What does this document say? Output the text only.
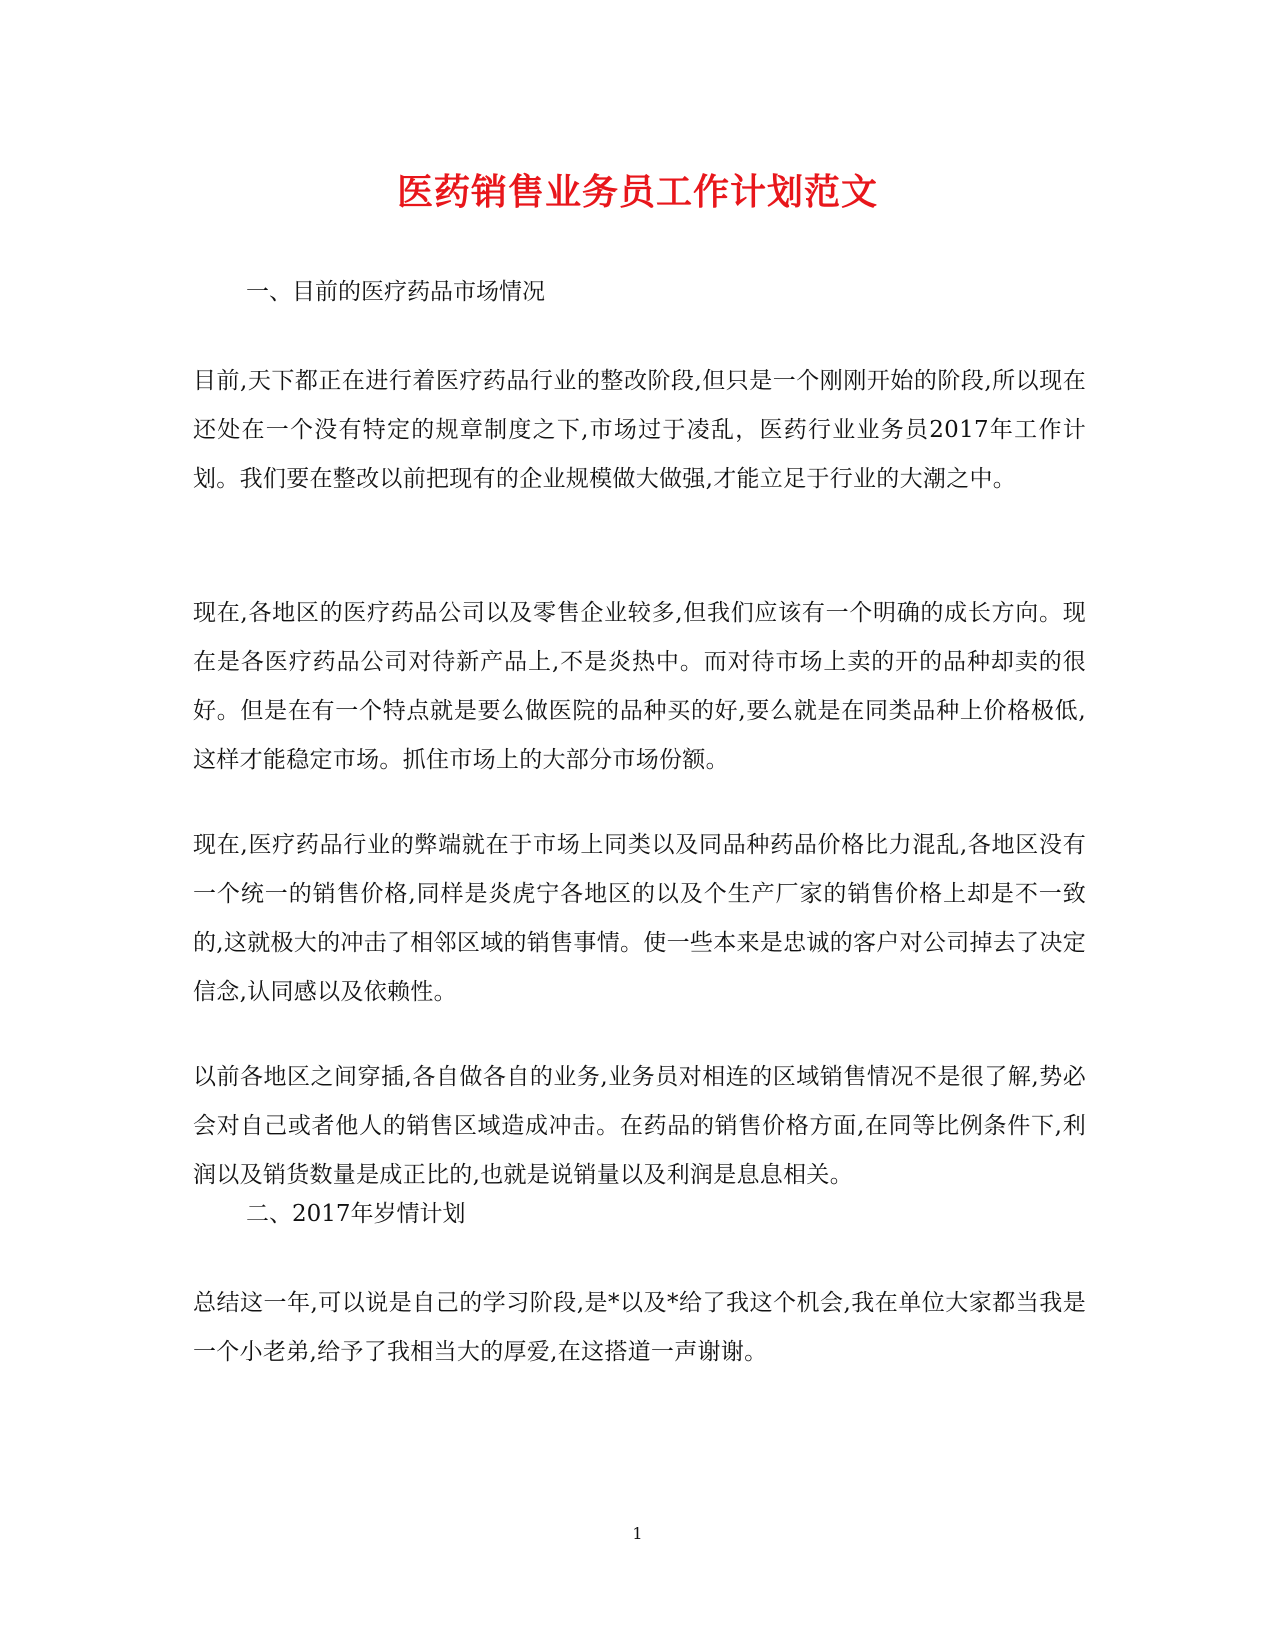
医药销售业务员工作计划范文

一、目前的医疗药品市场情况

目前,天下都正在进行着医疗药品行业的整改阶段,但只是一个刚刚开始的阶段,所以现在还处在一个没有特定的规章制度之下,市场过于凌乱，医药行业业务员2017年工作计划。我们要在整改以前把现有的企业规模做大做强,才能立足于行业的大潮之中。

现在,各地区的医疗药品公司以及零售企业较多,但我们应该有一个明确的成长方向。现在是各医疗药品公司对待新产品上,不是炎热中。而对待市场上卖的开的品种却卖的很好。但是在有一个特点就是要么做医院的品种买的好,要么就是在同类品种上价格极低,这样才能稳定市场。抓住市场上的大部分市场份额。

现在,医疗药品行业的弊端就在于市场上同类以及同品种药品价格比力混乱,各地区没有一个统一的销售价格,同样是炎虎宁各地区的以及个生产厂家的销售价格上却是不一致的,这就极大的冲击了相邻区域的销售事情。使一些本来是忠诚的客户对公司掉去了决定信念,认同感以及依赖性。

以前各地区之间穿插,各自做各自的业务,业务员对相连的区域销售情况不是很了解,势必会对自己或者他人的销售区域造成冲击。在药品的销售价格方面,在同等比例条件下,利润以及销货数量是成正比的,也就是说销量以及利润是息息相关。

二、2017年岁情计划

总结这一年,可以说是自己的学习阶段,是*以及*给了我这个机会,我在单位大家都当我是一个小老弟,给予了我相当大的厚爱,在这搭道一声谢谢。

1
